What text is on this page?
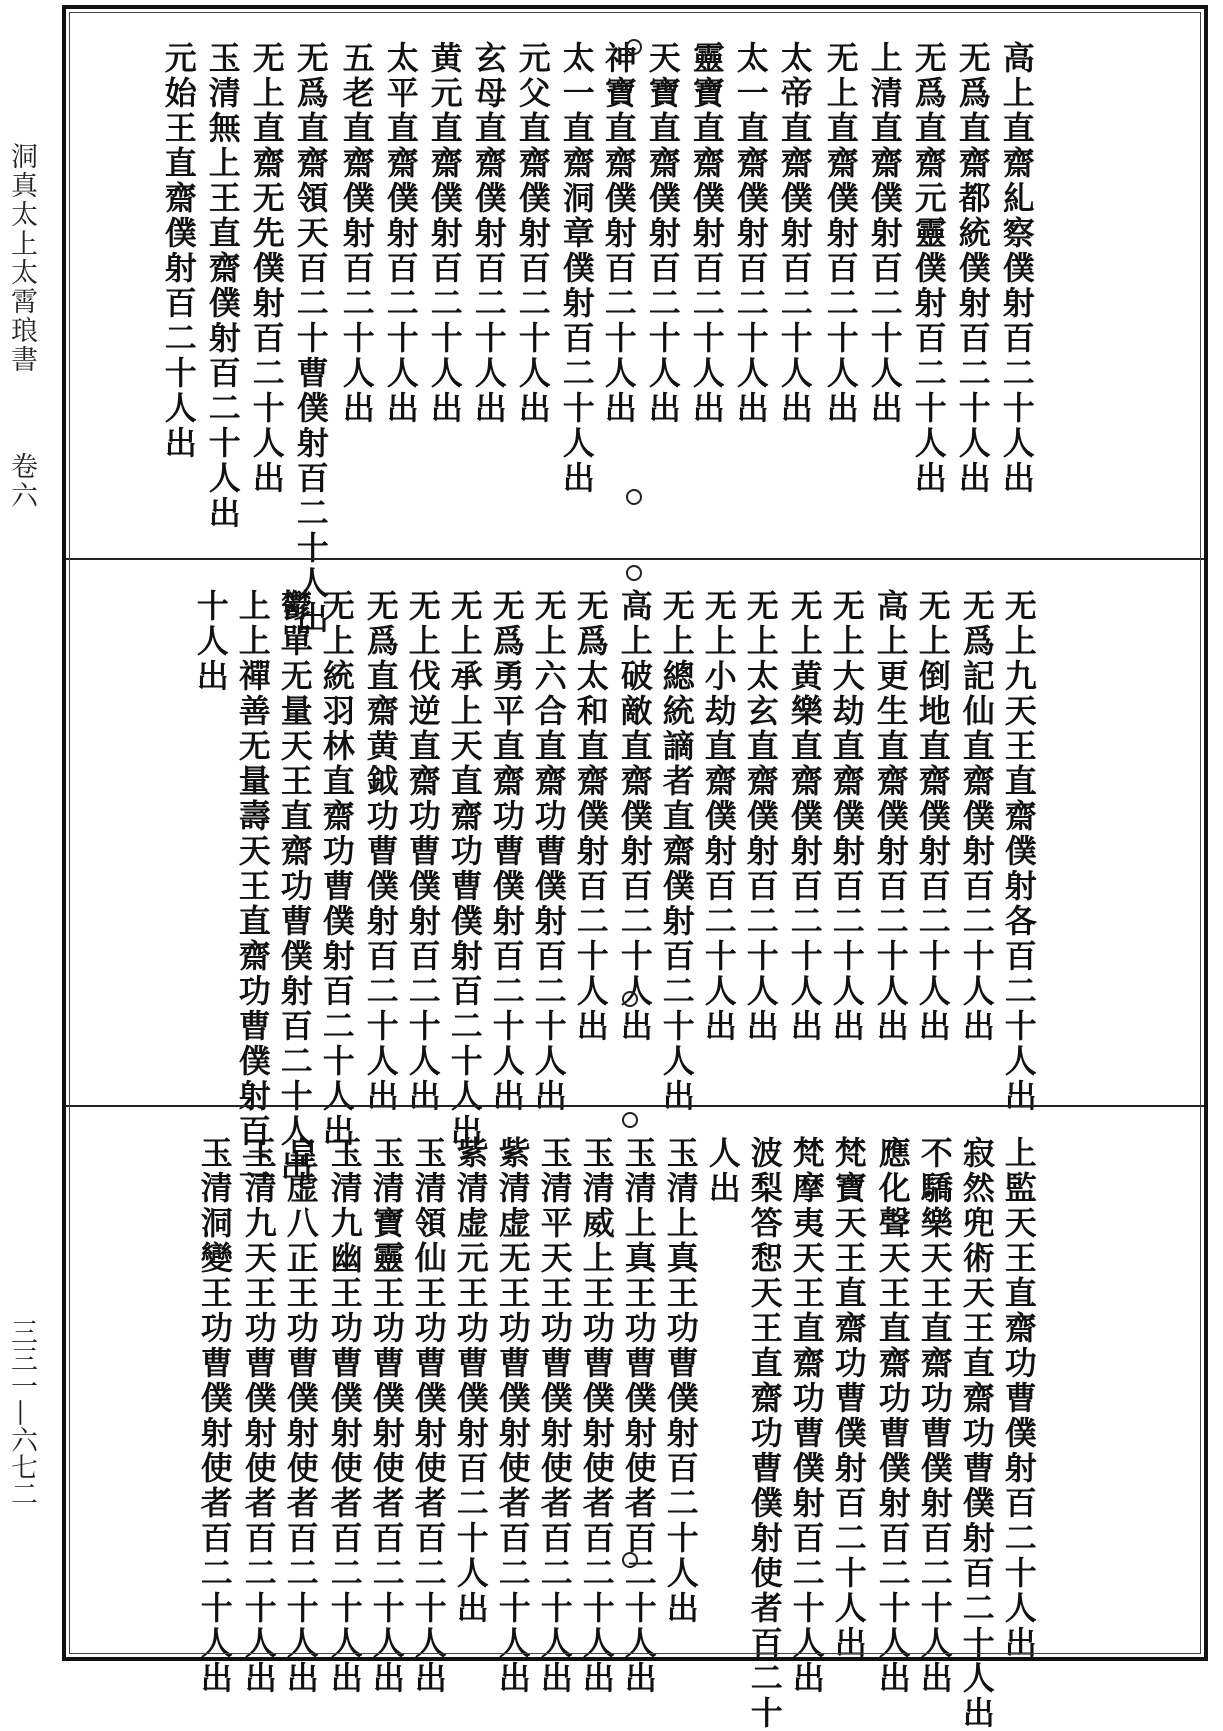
洞真太上太霄琅書
卷六
三三一—六七二
高上直齋糺察僕射百二十人出
无爲直齋都統僕射百二十人出
无爲直齋元靈僕射百二十人出
上清直齋僕射百二十人出
无上直齋僕射百二十人出
太帝直齋僕射百二十人出
太一直齋僕射百二十人出
靈寶直齋僕射百二十人出
天寶直齋僕射百二十人出
神寶直齋僕射百二十人出
太一直齋洞章僕射百二十人出
元父直齋僕射百二十人出
玄母直齋僕射百二十人出
黄元直齋僕射百二十人出
太平直齋僕射百二十人出
五老直齋僕射百二十人出
无爲直齋領天百二十曹僕射百二十人出
无上直齋无先僕射百二十人出
玉清無上王直齋僕射百二十人出
元始王直齋僕射百二十人出
无上九天王直齋僕射各百二十人出
无爲記仙直齋僕射百二十人出
无上倒地直齋僕射百二十人出
高上更生直齋僕射百二十人出
无上大劫直齋僕射百二十人出
无上黄樂直齋僕射百二十人出
无上太玄直齋僕射百二十人出
无上小劫直齋僕射百二十人出
无上總統謫者直齋僕射百二十人出
高上破敵直齋僕射百二十人出
无爲太和直齋僕射百二十人出
无上六合直齋功曹僕射百二十人出
无爲勇平直齋功曹僕射百二十人出
无上承上天直齋功曹僕射百二十人出
无上伐逆直齋功曹僕射百二十人出
无爲直齋黄鉞功曹僕射百二十人出
无上統羽林直齋功曹僕射百二十人出
鬱單无量天王直齋功曹僕射百二十人出
上上禪善无量壽天王直齋功曹僕射百二
十人出
上監天王直齋功曹僕射百二十人出
寂然兜術天王直齋功曹僕射百二十人出
不驕樂天王直齋功曹僕射百二十人出
應化聲天王直齋功曹僕射百二十人出
梵寶天王直齋功曹僕射百二十人出
梵摩夷天王直齋功曹僕射百二十人出
波梨答惒天王直齋功曹僕射使者百二十
人出
玉清上真王功曹僕射百二十人出
玉清上真王功曹僕射使者百二十人出
玉清威上王功曹僕射使者百二十人出
玉清平天王功曹僕射使者百二十人出
紫清虚无王功曹僕射使者百二十人出
紫清虚元王功曹僕射百二十人出
玉清領仙王功曹僕射使者百二十人出
玉清寶靈王功曹僕射使者百二十人出
玉清九幽王功曹僕射使者百二十人出
皇虚八正王功曹僕射使者百二十人出
玉清九天王功曹僕射使者百二十人出
玉清洞變王功曹僕射使者百二十人出
